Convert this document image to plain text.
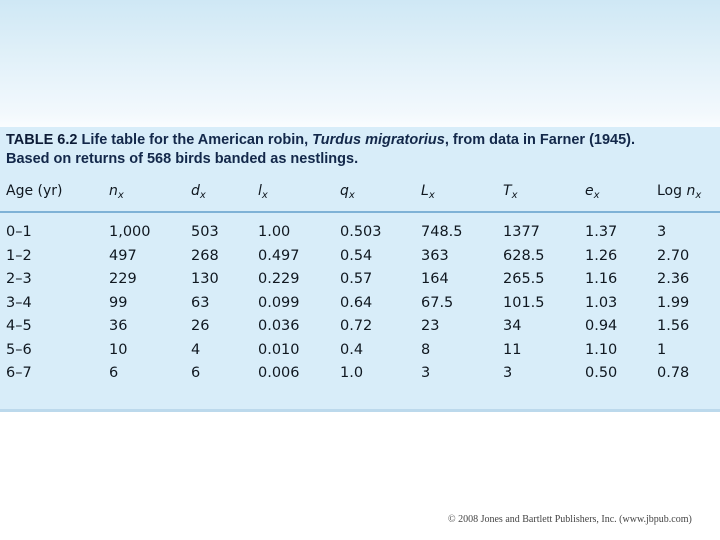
TABLE 6.2 Life table for the American robin, Turdus migratorius, from data in Farner (1945).
Based on returns of 568 birds banded as nestlings.
Age (yr)	$n_x$	$d_x$	$l_x$	$q_x$	$L_x$	$T_x$	$e_x$	Log $n_x$
0–1	1,000	503	1.00	0.503	748.5	1377	1.37	3
1–2	497	268	0.497	0.54	363	628.5	1.26	2.70
2–3	229	130	0.229	0.57	164	265.5	1.16	2.36
3–4	99	63	0.099	0.64	67.5	101.5	1.03	1.99
4–5	36	26	0.036	0.72	23	34	0.94	1.56
5–6	10	4	0.010	0.4	8	11	1.10	1
6–7	6	6	0.006	1.0	3	3	0.50	0.78
© 2008 Jones and Bartlett Publishers, Inc. (www.jbpub.com)
